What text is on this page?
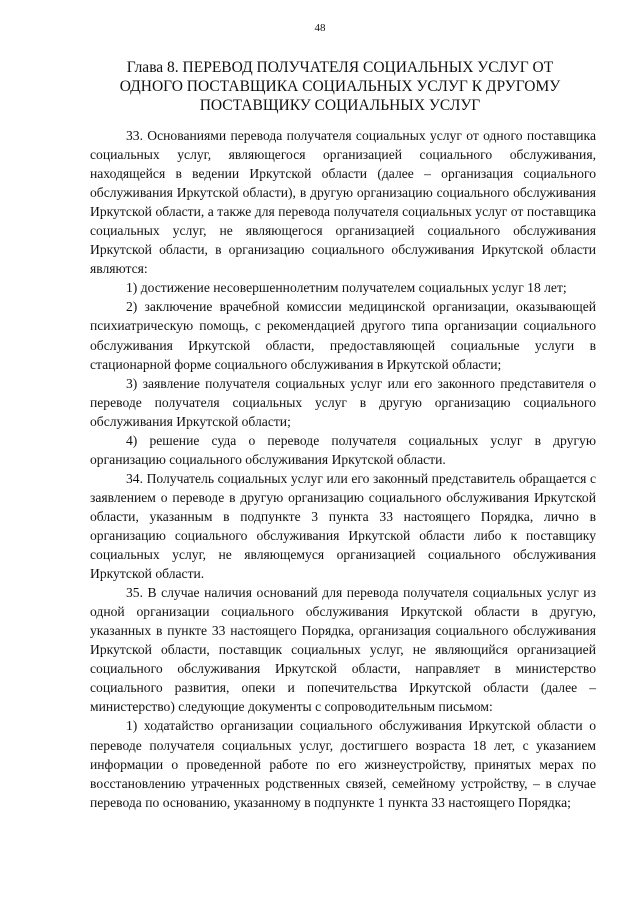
48
Глава 8. ПЕРЕВОД ПОЛУЧАТЕЛЯ СОЦИАЛЬНЫХ УСЛУГ ОТ ОДНОГО ПОСТАВЩИКА СОЦИАЛЬНЫХ УСЛУГ К ДРУГОМУ ПОСТАВЩИКУ СОЦИАЛЬНЫХ УСЛУГ

33. Основаниями перевода получателя социальных услуг от одного поставщика социальных услуг, являющегося организацией социального обслуживания, находящейся в ведении Иркутской области (далее – организация социального обслуживания Иркутской области), в другую организацию социального обслуживания Иркутской области, а также для перевода получателя социальных услуг от поставщика социальных услуг, не являющегося организацией социального обслуживания Иркутской области, в организацию социального обслуживания Иркутской области являются:

1) достижение несовершеннолетним получателем социальных услуг 18 лет;

2) заключение врачебной комиссии медицинской организации, оказывающей психиатрическую помощь, с рекомендацией другого типа организации социального обслуживания Иркутской области, предоставляющей социальные услуги в стационарной форме социального обслуживания в Иркутской области;

3) заявление получателя социальных услуг или его законного представителя о переводе получателя социальных услуг в другую организацию социального обслуживания Иркутской области;

4) решение суда о переводе получателя социальных услуг в другую организацию социального обслуживания Иркутской области.

34. Получатель социальных услуг или его законный представитель обращается с заявлением о переводе в другую организацию социального обслуживания Иркутской области, указанным в подпункте 3 пункта 33 настоящего Порядка, лично в организацию социального обслуживания Иркутской области либо к поставщику социальных услуг, не являющемуся организацией социального обслуживания Иркутской области.

35. В случае наличия оснований для перевода получателя социальных услуг из одной организации социального обслуживания Иркутской области в другую, указанных в пункте 33 настоящего Порядка, организация социального обслуживания Иркутской области, поставщик социальных услуг, не являющийся организацией социального обслуживания Иркутской области, направляет в министерство социального развития, опеки и попечительства Иркутской области (далее – министерство) следующие документы с сопроводительным письмом:

1) ходатайство организации социального обслуживания Иркутской области о переводе получателя социальных услуг, достигшего возраста 18 лет, с указанием информации о проведенной работе по его жизнеустройству, принятых мерах по восстановлению утраченных родственных связей, семейному устройству, – в случае перевода по основанию, указанному в подпункте 1 пункта 33 настоящего Порядка;
